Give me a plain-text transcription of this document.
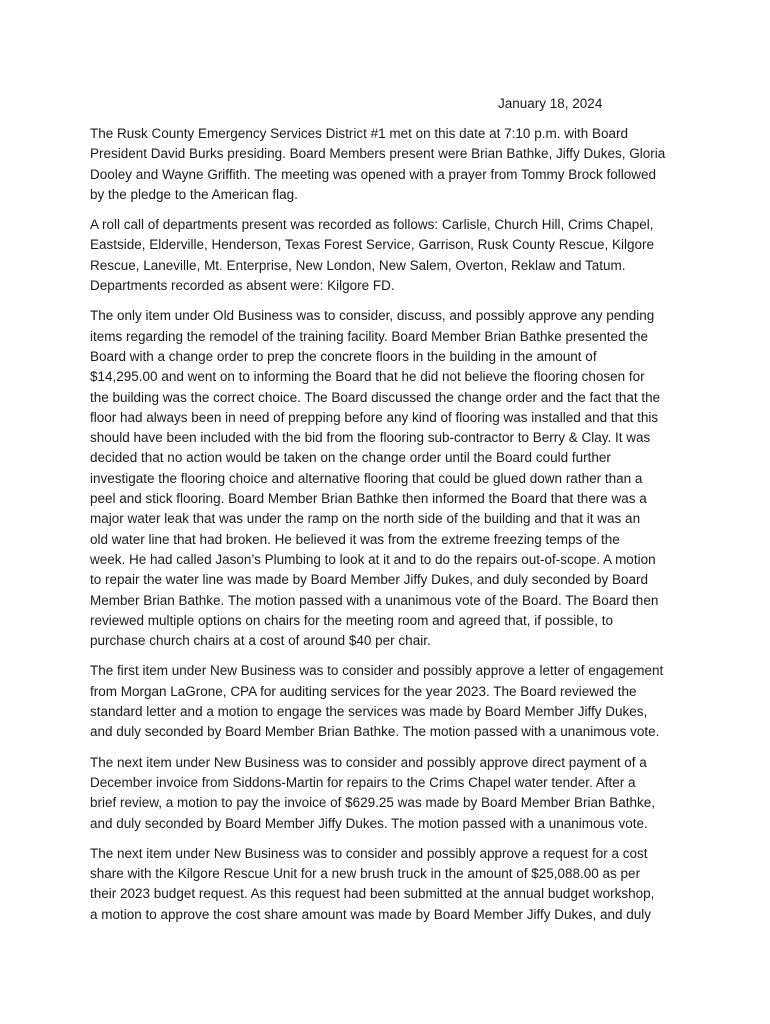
January 18, 2024

The Rusk County Emergency Services District #1 met on this date at 7:10 p.m. with Board
President David Burks presiding. Board Members present were Brian Bathke, Jiffy Dukes, Gloria
Dooley and Wayne Griffith. The meeting was opened with a prayer from Tommy Brock followed
by the pledge to the American flag.

A roll call of departments present was recorded as follows: Carlisle, Church Hill, Crims Chapel,
Eastside, Elderville, Henderson, Texas Forest Service, Garrison, Rusk County Rescue, Kilgore
Rescue, Laneville, Mt. Enterprise, New London, New Salem, Overton, Reklaw and Tatum.
Departments recorded as absent were: Kilgore FD.

The only item under Old Business was to consider, discuss, and possibly approve any pending
items regarding the remodel of the training facility. Board Member Brian Bathke presented the
Board with a change order to prep the concrete floors in the building in the amount of
$14,295.00 and went on to informing the Board that he did not believe the flooring chosen for
the building was the correct choice. The Board discussed the change order and the fact that the
floor had always been in need of prepping before any kind of flooring was installed and that this
should have been included with the bid from the flooring sub-contractor to Berry & Clay. It was
decided that no action would be taken on the change order until the Board could further
investigate the flooring choice and alternative flooring that could be glued down rather than a
peel and stick flooring. Board Member Brian Bathke then informed the Board that there was a
major water leak that was under the ramp on the north side of the building and that it was an
old water line that had broken. He believed it was from the extreme freezing temps of the
week. He had called Jason’s Plumbing to look at it and to do the repairs out-of-scope. A motion
to repair the water line was made by Board Member Jiffy Dukes, and duly seconded by Board
Member Brian Bathke. The motion passed with a unanimous vote of the Board. The Board then
reviewed multiple options on chairs for the meeting room and agreed that, if possible, to
purchase church chairs at a cost of around $40 per chair.

The first item under New Business was to consider and possibly approve a letter of engagement
from Morgan LaGrone, CPA for auditing services for the year 2023. The Board reviewed the
standard letter and a motion to engage the services was made by Board Member Jiffy Dukes,
and duly seconded by Board Member Brian Bathke. The motion passed with a unanimous vote.

The next item under New Business was to consider and possibly approve direct payment of a
December invoice from Siddons-Martin for repairs to the Crims Chapel water tender. After a
brief review, a motion to pay the invoice of $629.25 was made by Board Member Brian Bathke,
and duly seconded by Board Member Jiffy Dukes. The motion passed with a unanimous vote.

The next item under New Business was to consider and possibly approve a request for a cost
share with the Kilgore Rescue Unit for a new brush truck in the amount of $25,088.00 as per
their 2023 budget request. As this request had been submitted at the annual budget workshop,
a motion to approve the cost share amount was made by Board Member Jiffy Dukes, and duly
